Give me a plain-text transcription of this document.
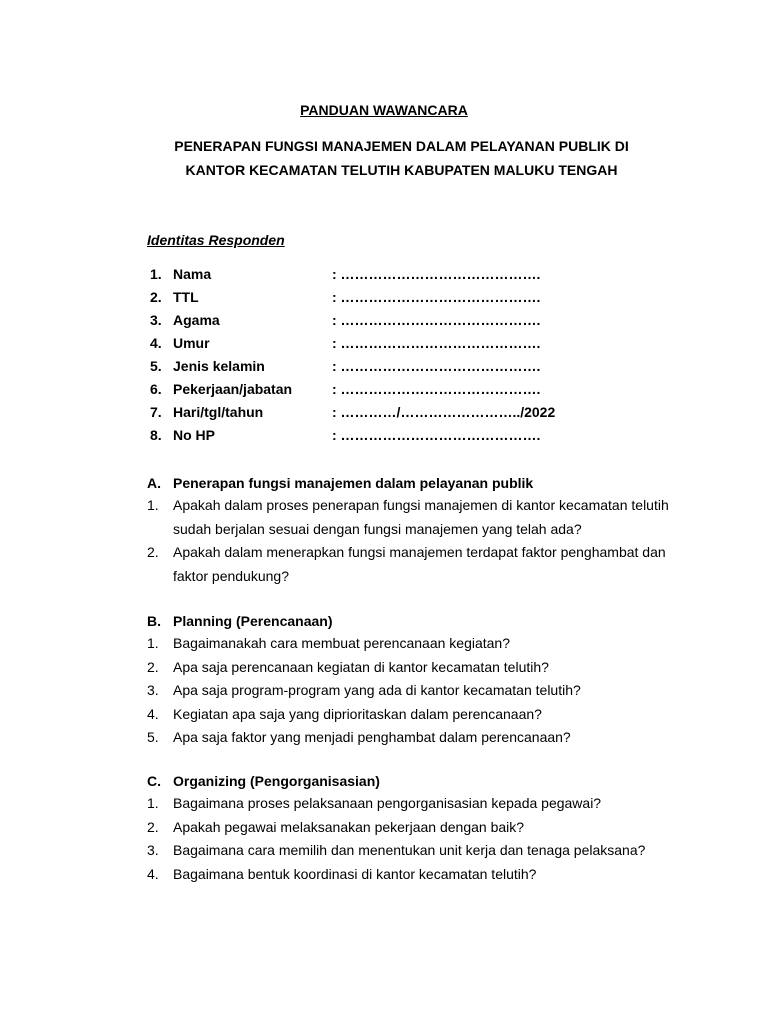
PANDUAN WAWANCARA
PENERAPAN FUNGSI MANAJEMEN DALAM PELAYANAN PUBLIK DI
KANTOR KECAMATAN TELUTIH KABUPATEN MALUKU TENGAH
Identitas Responden
1. Nama	: …………………………………….
2. TTL	: …………………………………….
3. Agama	: …………………………………….
4. Umur	: …………………………………….
5. Jenis kelamin	: …………………………………….
6. Pekerjaan/jabatan	: …………………………………….
7. Hari/tgl/tahun	: …………/……………………../2022
8. No HP	: …………………………………….
A. Penerapan fungsi manajemen dalam pelayanan publik
1. Apakah dalam proses penerapan fungsi manajemen di kantor kecamatan telutih sudah berjalan sesuai dengan fungsi manajemen yang telah ada?
2. Apakah dalam menerapkan fungsi manajemen terdapat faktor penghambat dan faktor pendukung?
B. Planning (Perencanaan)
1. Bagaimanakah cara membuat perencanaan kegiatan?
2. Apa saja perencanaan kegiatan di kantor kecamatan telutih?
3. Apa saja program-program yang ada di kantor kecamatan telutih?
4. Kegiatan apa saja yang diprioritaskan dalam perencanaan?
5. Apa saja faktor yang menjadi penghambat dalam perencanaan?
C. Organizing (Pengorganisasian)
1. Bagaimana proses pelaksanaan pengorganisasian kepada pegawai?
2. Apakah pegawai melaksanakan pekerjaan dengan baik?
3. Bagaimana cara memilih dan menentukan unit kerja dan tenaga pelaksana?
4. Bagaimana bentuk koordinasi di kantor kecamatan telutih?
